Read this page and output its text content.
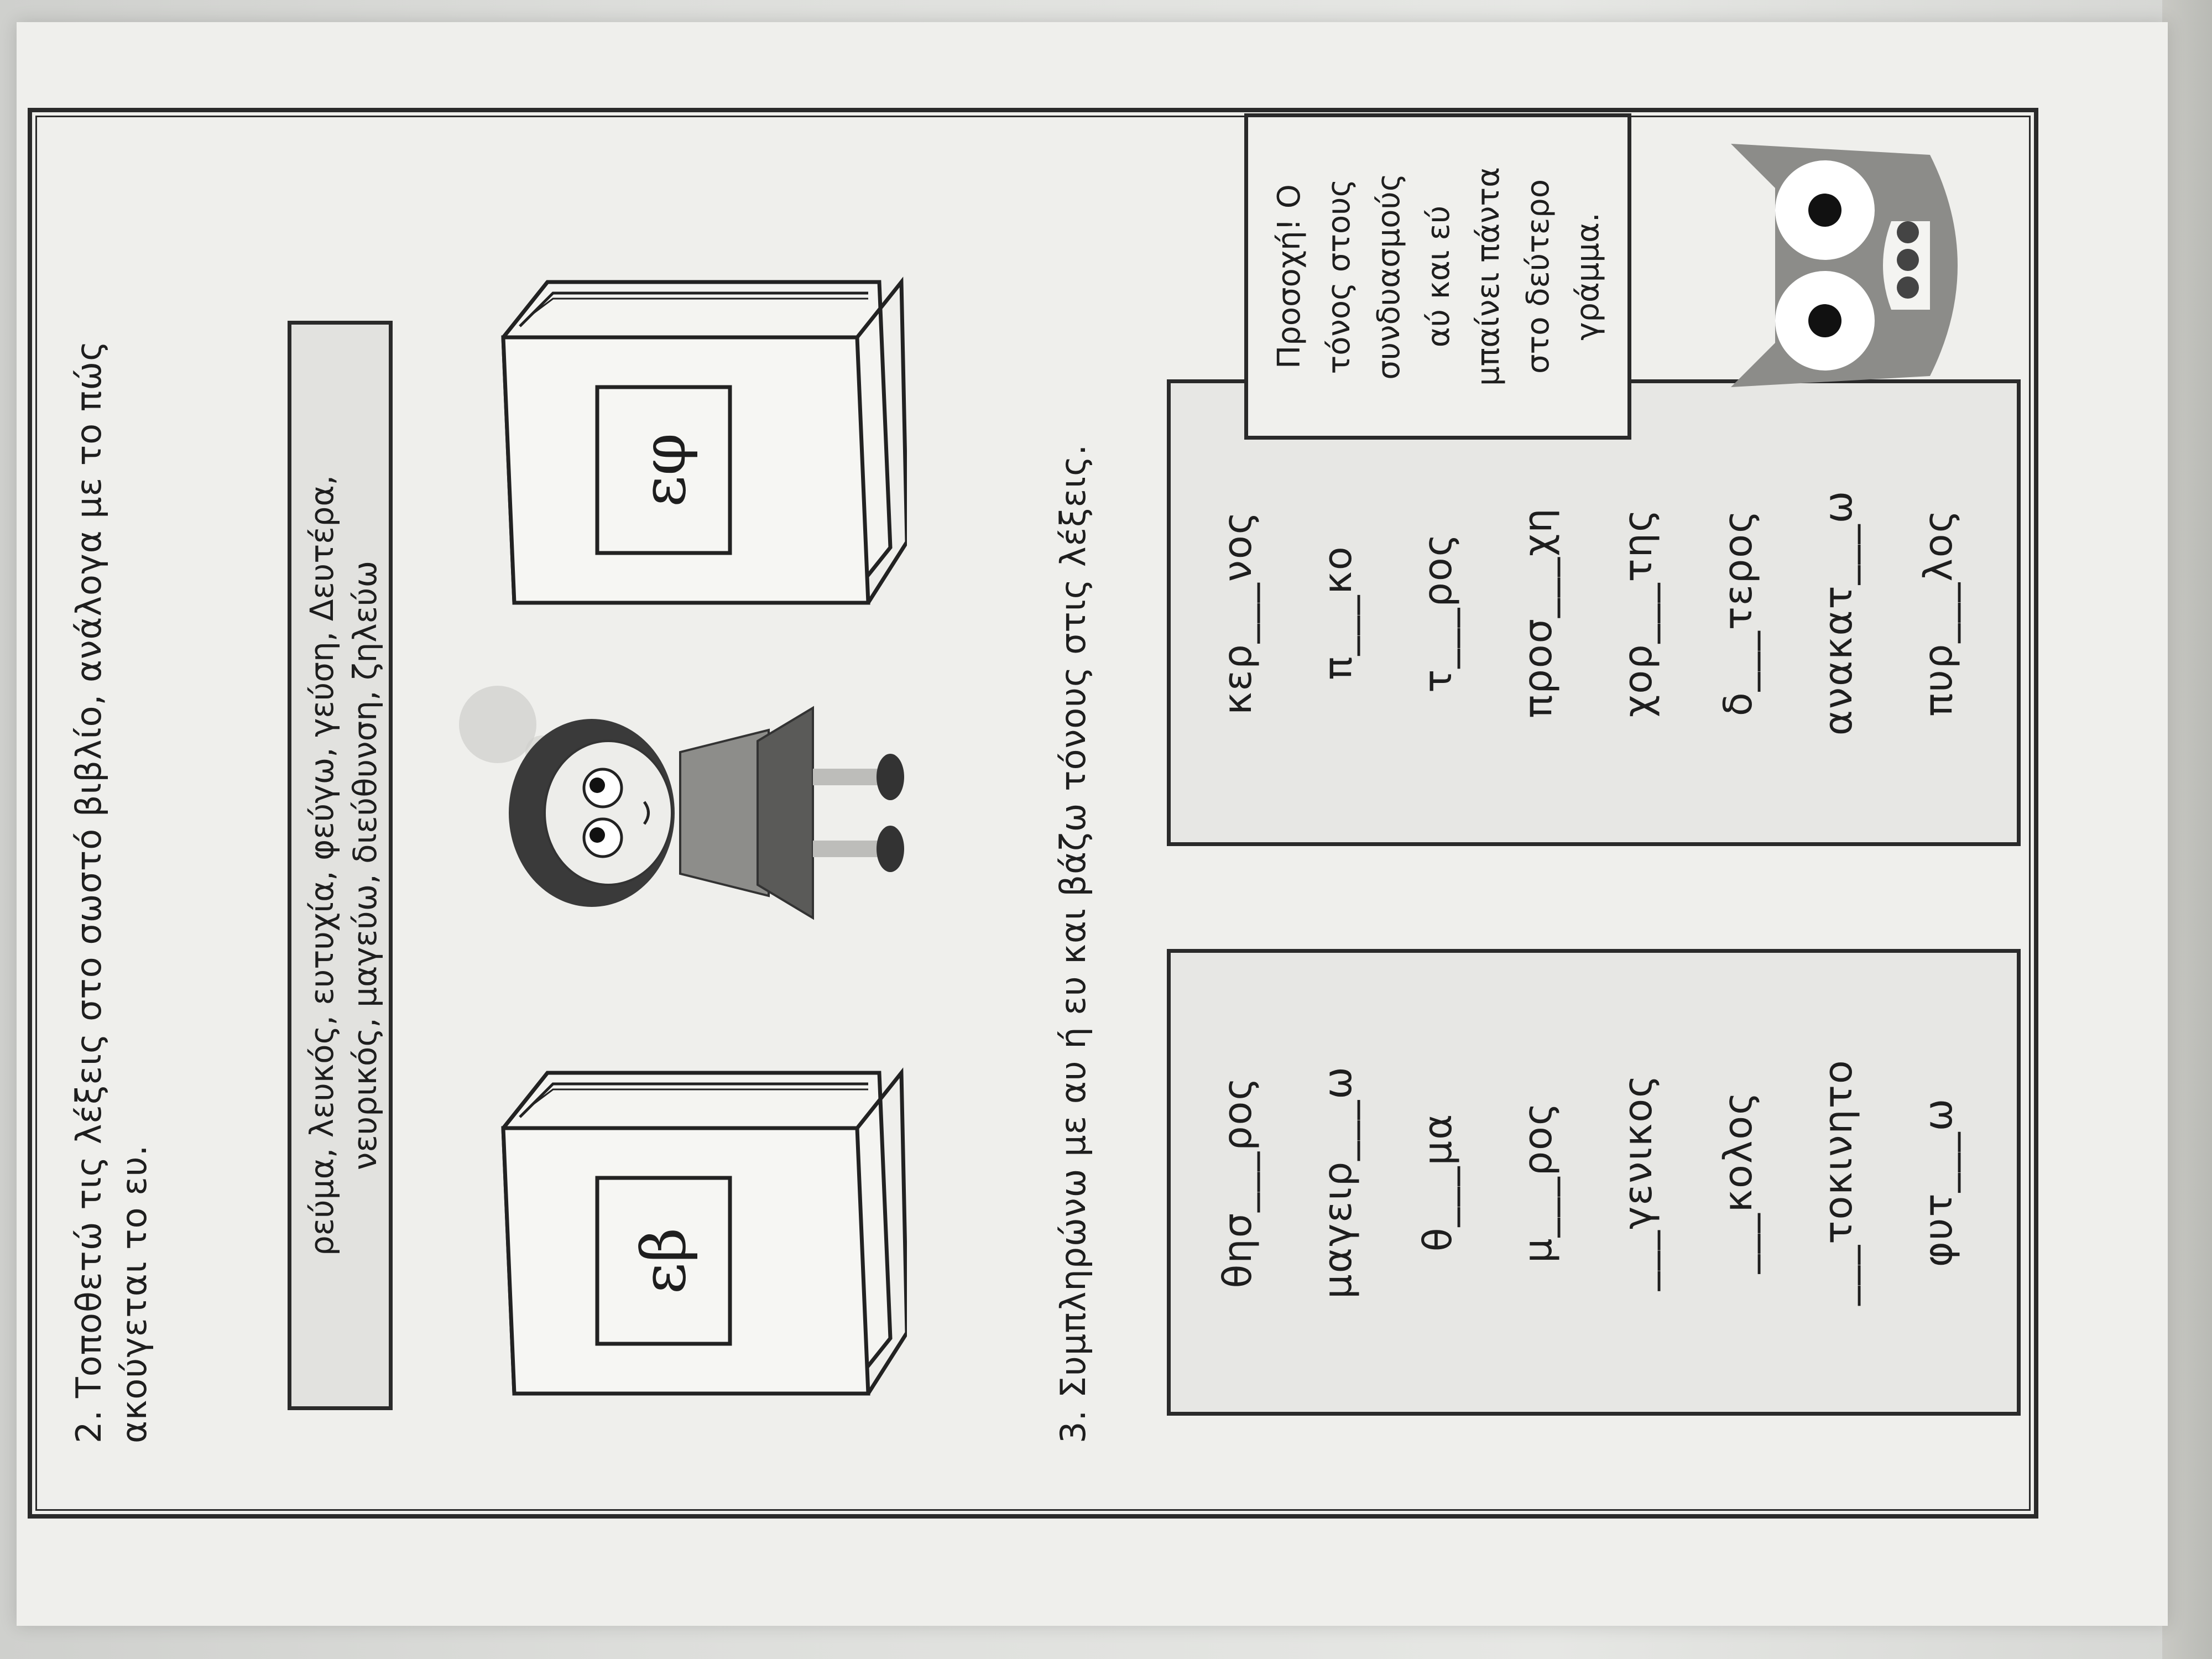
2. Τοποθετώ τις λέξεις στο σωστό βιβλίο, ανάλογα με το πώς ακούγεται το ευ.
ρεύμα, λευκός, ευτυχία, φεύγω, γεύση, Δευτέρα, νευρικός, μαγεύω, διεύθυνση, ζηλεύω
εβ
εφ	3. Συμπληρώνω με αυ ή ευ και βάζω τόνους στις λέξεις.	θησ___ρος	μαγειρ___ω	θ___μα	μ___ρος	___γενικος	___κολος	___τοκινητο	φυτ___ω
κερ___νος	π___κο	τ___ρος	προσ___χη	χορ___της	δ___τερος	ανακατ___ω	πυρ___λος
Προσοχή! Ο τόνος στους συνδυασμούς αύ και εύ μπαίνει πάντα στο δεύτερο γράμμα.
